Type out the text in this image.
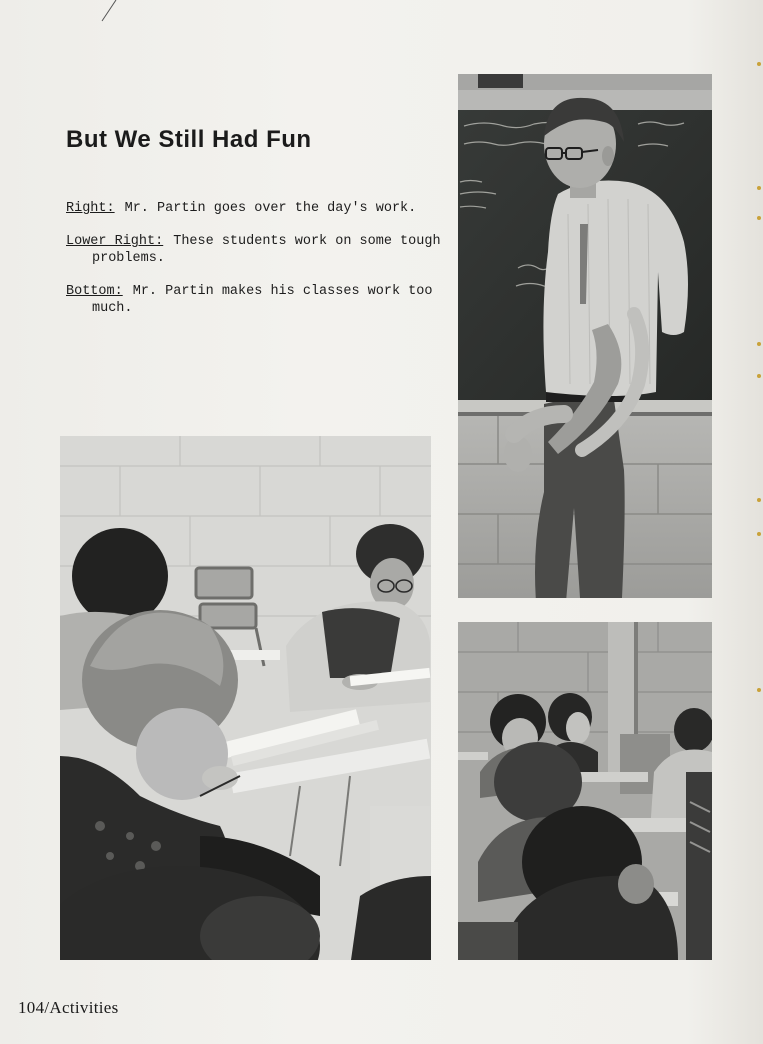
But We Still Had Fun

Right: Mr. Partin goes over the day's work.

Lower Right: These students work on some tough problems.

Bottom: Mr. Partin makes his classes work too much.

104/Activities
